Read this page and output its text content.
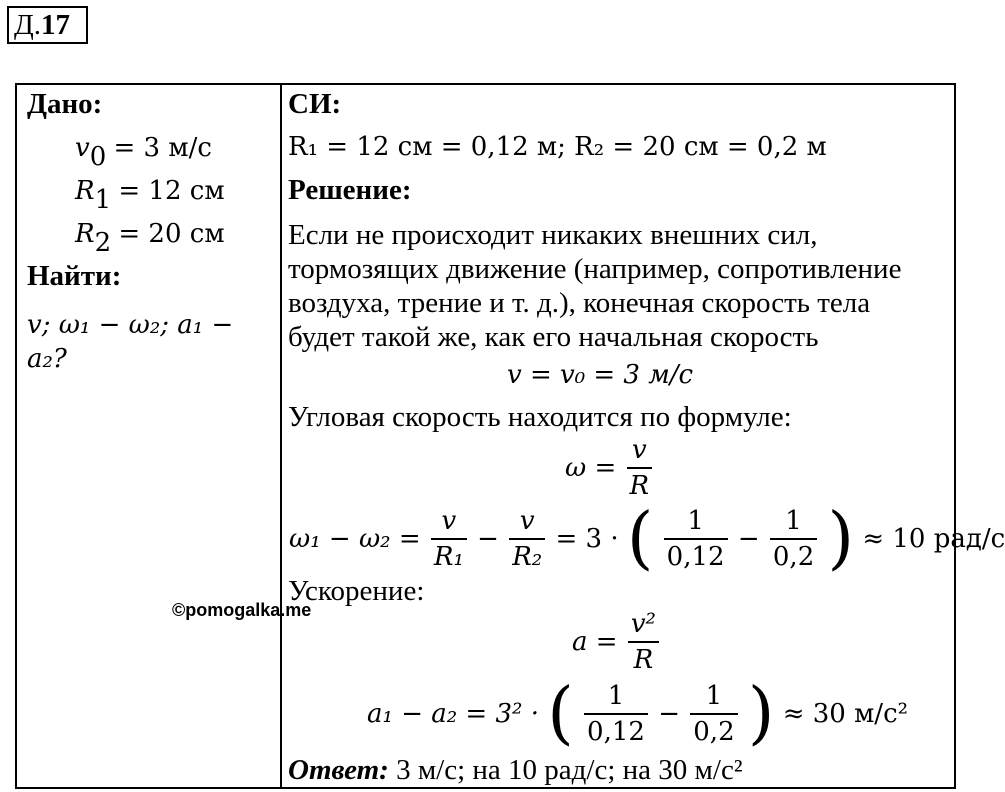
Д.17
Дано:
$v_0 = 3$ м/с
$R_1 = 12$ см
$R_2 = 20$ см
Найти:
v; ω₁ − ω₂; a₁ −
a₂?
СИ:
R₁ = 12 см = 0,12 м; R₂ = 20 см = 0,2 м
Решение:
Если не происходит никаких внешних сил,
тормозящих движение (например, сопротивление
воздуха, трение и т. д.), конечная скорость тела
будет такой же, как его начальная скорость
v = v₀ = 3 м/с
Угловая скорость находится по формуле:
$\omega = \frac{v}{R}$
$\omega_1 - \omega_2 = \frac{v}{\text{R₁}} - \frac{v}{\text{R₂}} = 3$ · ( $\frac{1}{0,12} - \frac{1}{0,2}$ ) ≈ 10 рад/с
Ускорение:
$a = \frac{\text{v²}}{R}$
a₁ − a₂ = 3² · ( $\frac{1}{0,12} - \frac{1}{0,2}$ ) ≈ 30 м/с²
Ответ: 3 м/с; на 10 рад/с; на 30 м/с²
©pomogalka.me
